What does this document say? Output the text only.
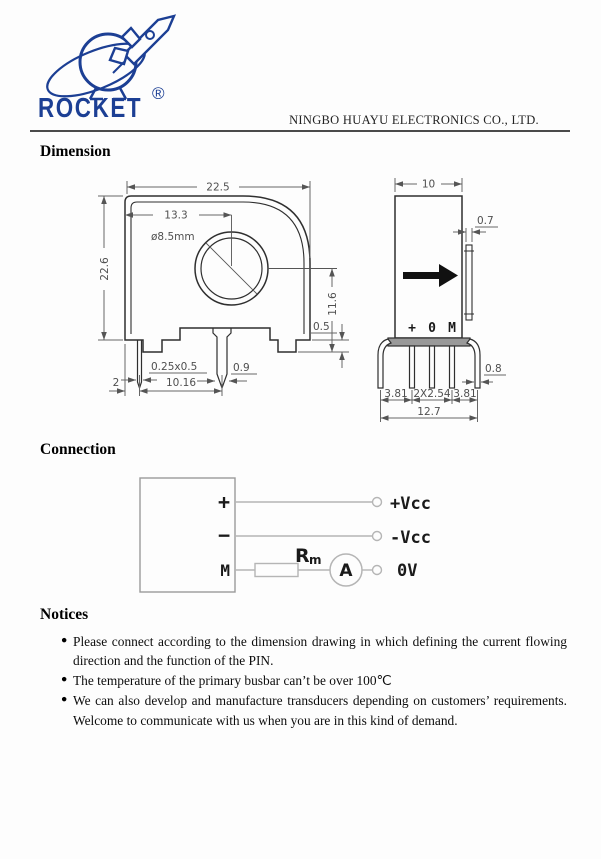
ROCKET ®
NINGBO HUAYU ELECTRONICS CO., LTD.
Dimension
22.5
13.3
ø8.5mm
22.6
11.6
0.5
0.25x0.5	0.9
2	10.16
+ 0 M
10
0.7
0.8
3.81 2X2.54 3.81
12.7
Connection
+
−
M
R m
A
+Vcc
-Vcc
0V
Notices
● Please connect according to the dimension drawing in which defining the current flowing direction and the function of the PIN.
● The temperature of the primary busbar can’t be over 100℃
● We can also develop and manufacture transducers depending on customers’ requirements. Welcome to communicate with us when you are in this kind of demand.
